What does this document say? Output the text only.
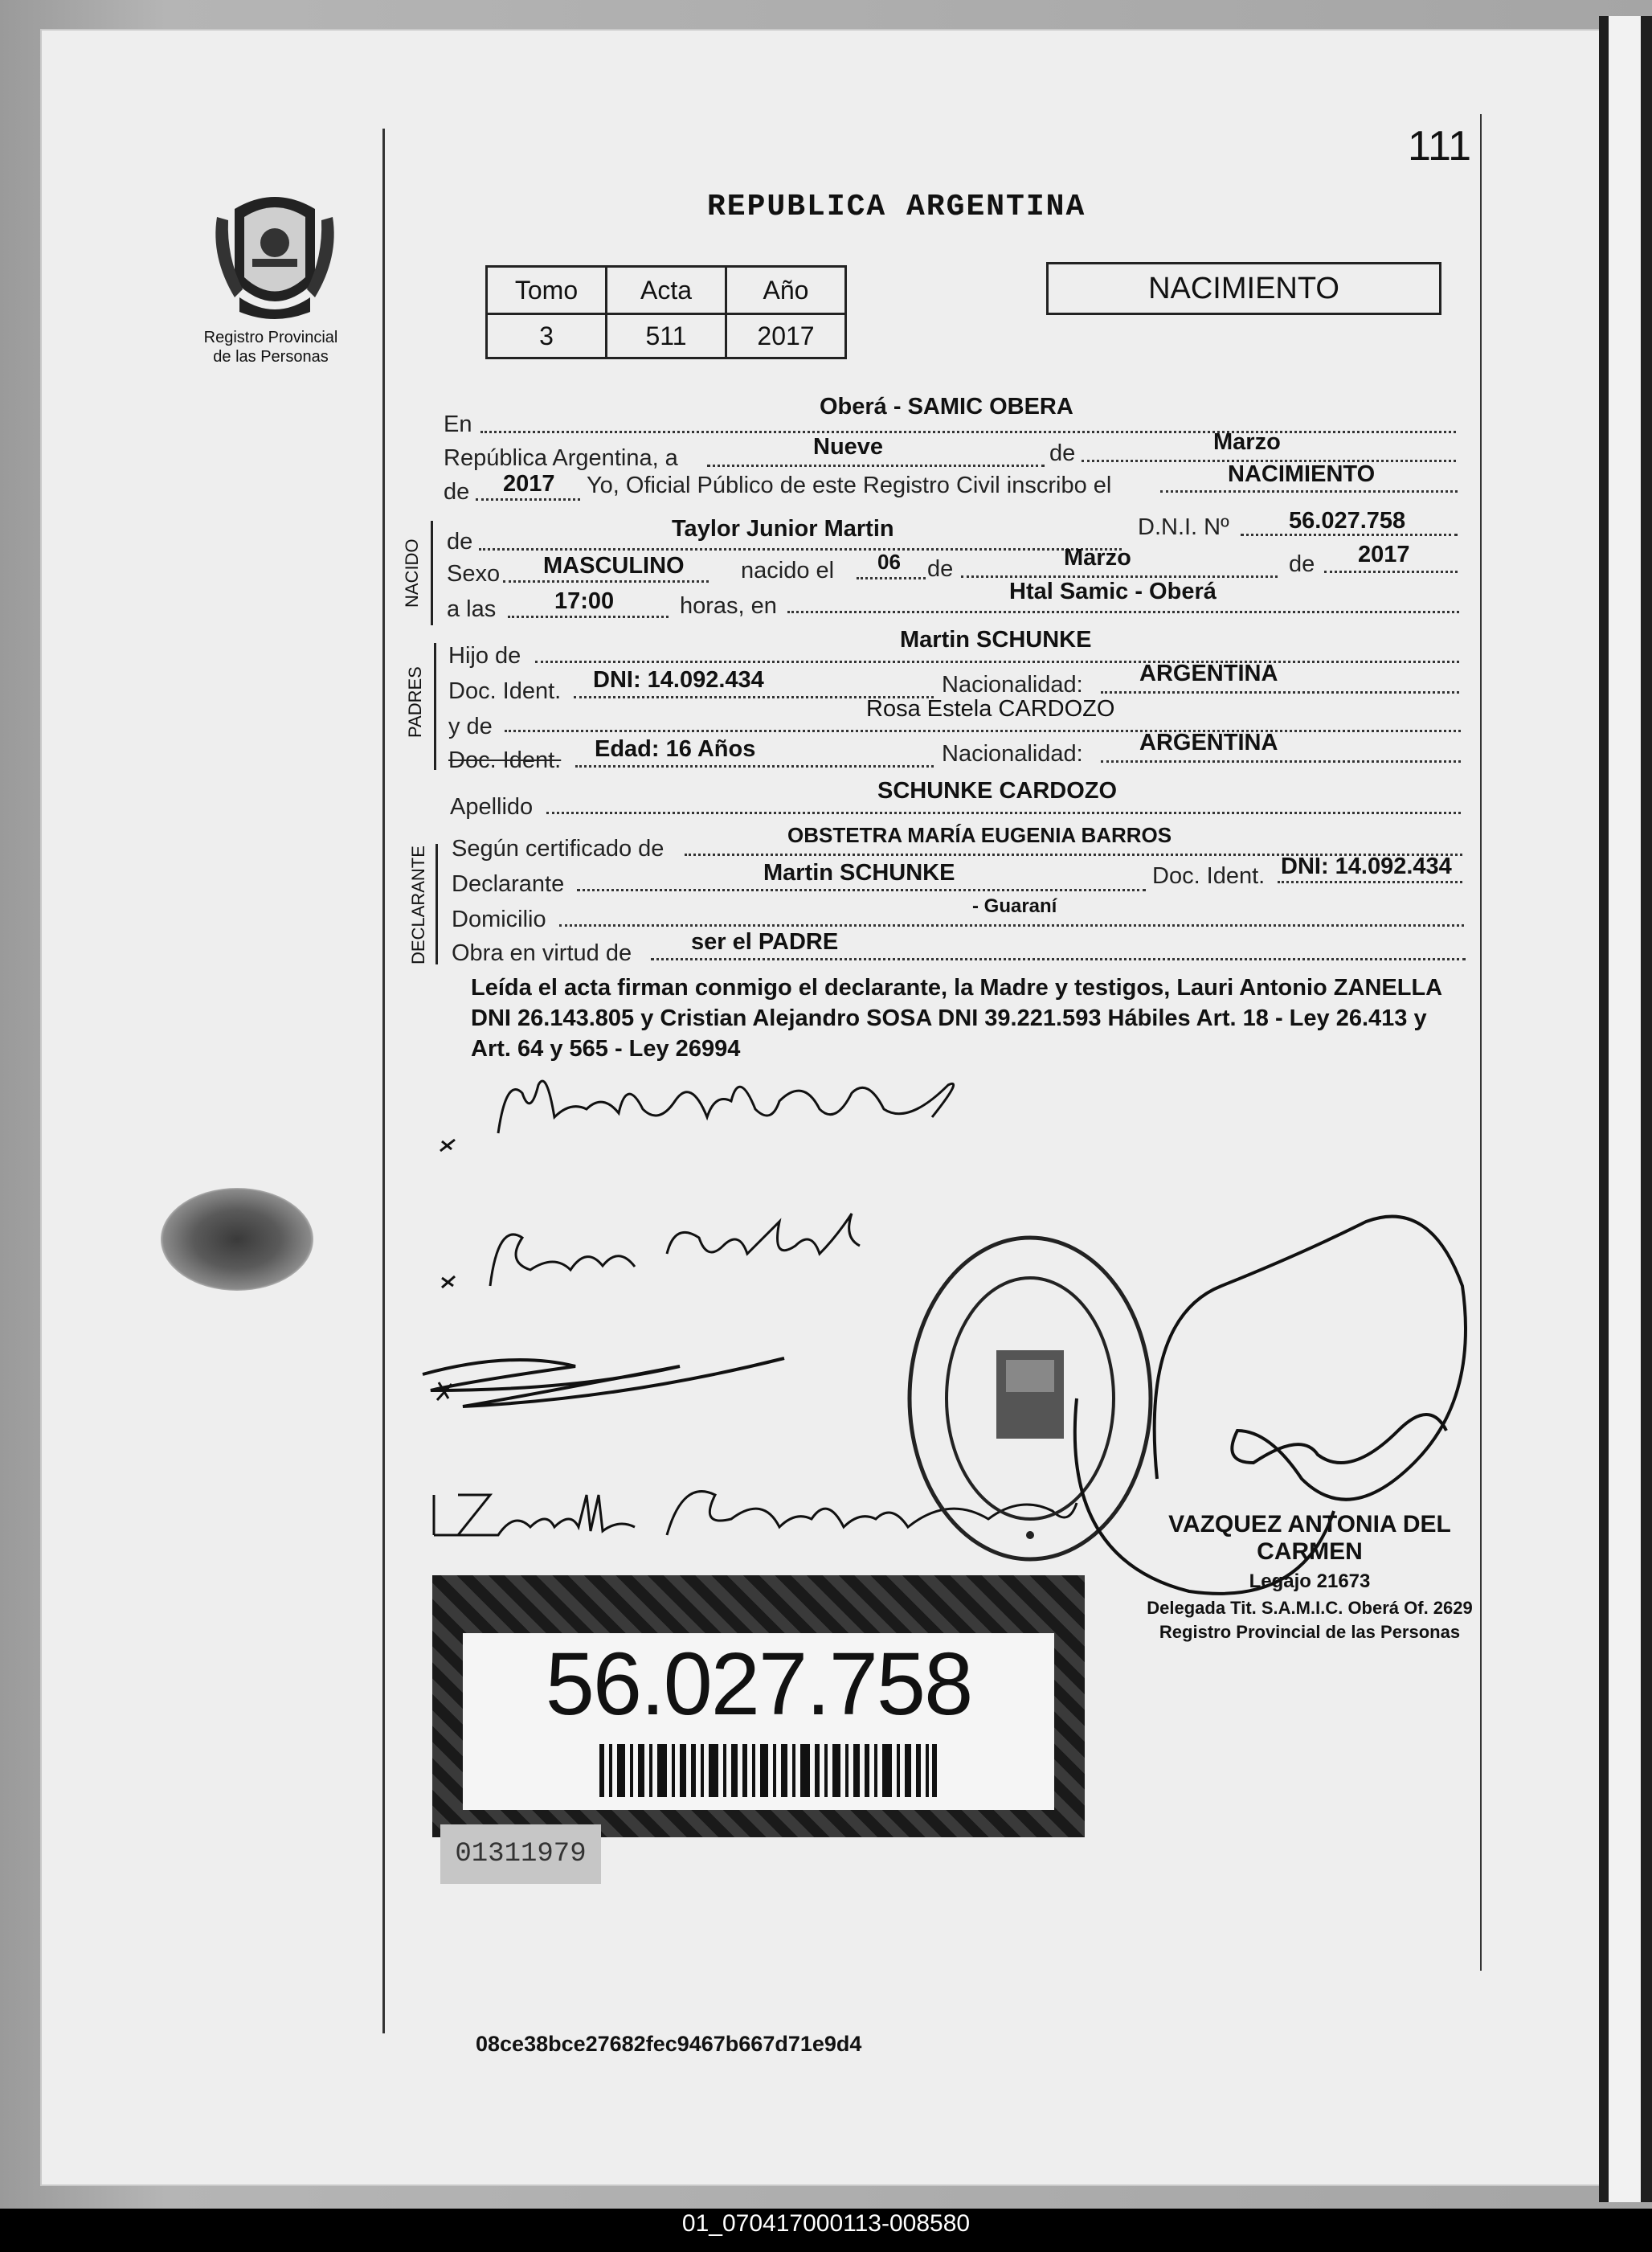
111
Registro Provincial
de las Personas
REPUBLICA ARGENTINA
Tomo	Acta	Año
3	511	2017
NACIMIENTO
En
Oberá - SAMIC OBERA
República Argentina, a	Nueve	de	Marzo
de 2017 Yo, Oficial Público de este Registro Civil inscribo el	NACIMIENTO
NACIDO de	Taylor Junior Martin	D.N.I. Nº	56.027.758
Sexo MASCULINO nacido el 06 de	Marzo	de 2017
a las	17:00	horas, en
Htal Samic - Oberá
PADRES
Hijo de
Martin SCHUNKE
Doc. Ident. DNI: 14.092.434	Nacionalidad: ARGENTINA
y de
Rosa Estela CARDOZO
Doc. Ident. Edad: 16 Años	Nacionalidad: ARGENTINA
Apellido
SCHUNKE CARDOZO
DECLARANTE Según certificado de
OBSTETRA MARÍA EUGENIA BARROS
Declarante	Martin SCHUNKE	Doc. Ident. DNI: 14.092.434
Domicilio
- Guaraní
Obra en virtud de	ser el PADRE
Leída el acta firman conmigo el declarante, la Madre y testigos, Lauri Antonio ZANELLA DNI 26.143.805 y Cristian Alejandro SOSA DNI 39.221.593 Hábiles Art. 18 - Ley 26.413 y Art. 64 y 565 - Ley 26994
VAZQUEZ ANTONIA DEL CARMEN
Legajo 21673
Delegada Tit. S.A.M.I.C. Oberá Of. 2629
Registro Provincial de las Personas
56.027.758
01311979
08ce38bce27682fec9467b667d71e9d4
01_070417000113-008580
